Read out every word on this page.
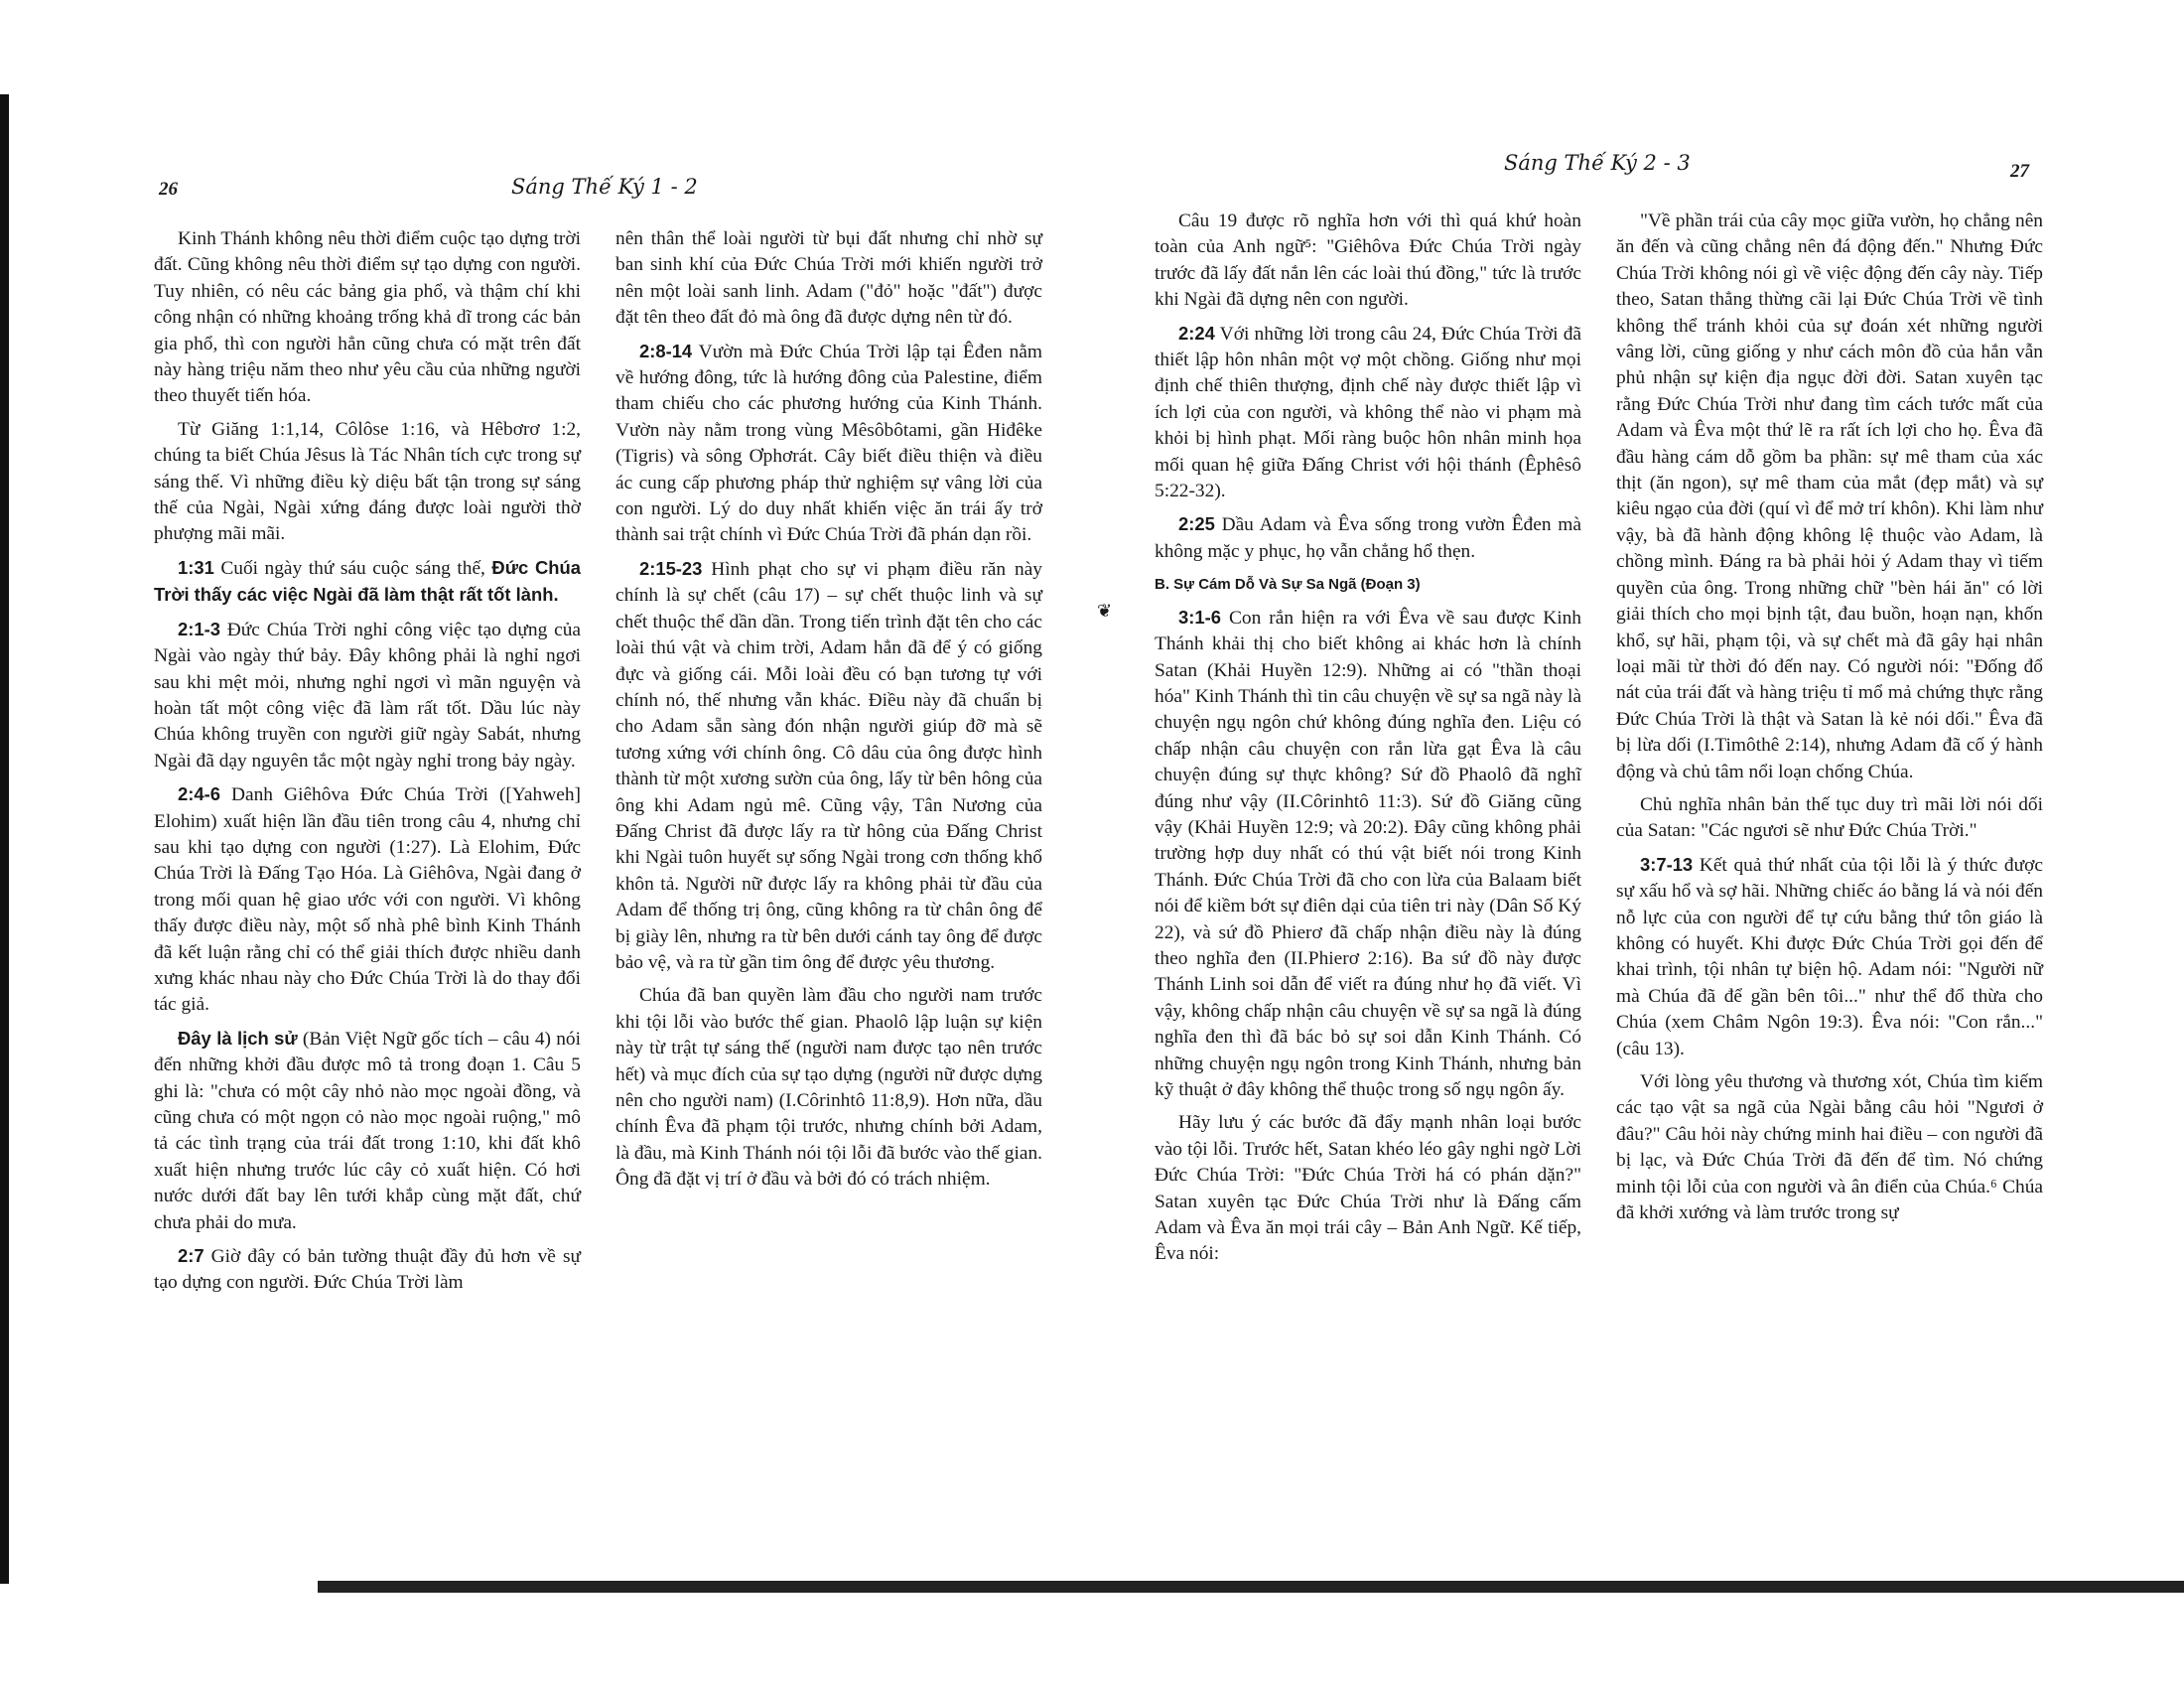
26	Sáng Thế Ký 1 - 2
Sáng Thế Ký 2 - 3	27

Kinh Thánh không nêu thời điểm cuộc tạo dựng trời đất. Cũng không nêu thời điểm sự tạo dựng con người. Tuy nhiên, có nêu các bảng gia phổ, và thậm chí khi công nhận có những khoảng trống khả dĩ trong các bản gia phổ, thì con người hẳn cũng chưa có mặt trên đất này hàng triệu năm theo như yêu cầu của những người theo thuyết tiến hóa.

Từ Giăng 1:1,14, Côlôse 1:16, và Hêbơrơ 1:2, chúng ta biết Chúa Jêsus là Tác Nhân tích cực trong sự sáng thế. Vì những điều kỳ diệu bất tận trong sự sáng thế của Ngài, Ngài xứng đáng được loài người thờ phượng mãi mãi.

1:31 Cuối ngày thứ sáu cuộc sáng thế, Đức Chúa Trời thấy các việc Ngài đã làm thật rất tốt lành.

2:1-3 Đức Chúa Trời nghỉ công việc tạo dựng của Ngài vào ngày thứ bảy. Đây không phải là nghỉ ngơi sau khi mệt mỏi, nhưng nghỉ ngơi vì mãn nguyện và hoàn tất một công việc đã làm rất tốt. Dầu lúc này Chúa không truyền con người giữ ngày Sabát, nhưng Ngài đã dạy nguyên tắc một ngày nghỉ trong bảy ngày.

2:4-6 Danh Giêhôva Đức Chúa Trời ([Yahweh] Elohim) xuất hiện lần đầu tiên trong câu 4, nhưng chỉ sau khi tạo dựng con người (1:27). Là Elohim, Đức Chúa Trời là Đấng Tạo Hóa. Là Giêhôva, Ngài đang ở trong mối quan hệ giao ước với con người. Vì không thấy được điều này, một số nhà phê bình Kinh Thánh đã kết luận rằng chỉ có thể giải thích được nhiều danh xưng khác nhau này cho Đức Chúa Trời là do thay đổi tác giả.

Đây là lịch sử (Bản Việt Ngữ gốc tích – câu 4) nói đến những khởi đầu được mô tả trong đoạn 1. Câu 5 ghi là: "chưa có một cây nhỏ nào mọc ngoài đồng, và cũng chưa có một ngọn cỏ nào mọc ngoài ruộng," mô tả các tình trạng của trái đất trong 1:10, khi đất khô xuất hiện nhưng trước lúc cây cỏ xuất hiện. Có hơi nước dưới đất bay lên tưới khắp cùng mặt đất, chứ chưa phải do mưa.

2:7 Giờ đây có bản tường thuật đầy đủ hơn về sự tạo dựng con người. Đức Chúa Trời làm

nên thân thể loài người từ bụi đất nhưng chỉ nhờ sự ban sinh khí của Đức Chúa Trời mới khiến người trở nên một loài sanh linh. Adam ("đỏ" hoặc "đất") được đặt tên theo đất đỏ mà ông đã được dựng nên từ đó.

2:8-14 Vườn mà Đức Chúa Trời lập tại Êđen nằm về hướng đông, tức là hướng đông của Palestine, điểm tham chiếu cho các phương hướng của Kinh Thánh. Vườn này nằm trong vùng Mêsôbôtami, gần Hiđêke (Tigris) và sông Ơphơrát. Cây biết điều thiện và điều ác cung cấp phương pháp thử nghiệm sự vâng lời của con người. Lý do duy nhất khiến việc ăn trái ấy trở thành sai trật chính vì Đức Chúa Trời đã phán dạn rồi.

2:15-23 Hình phạt cho sự vi phạm điều răn này chính là sự chết (câu 17) – sự chết thuộc linh và sự chết thuộc thể dần dần. Trong tiến trình đặt tên cho các loài thú vật và chim trời, Adam hẳn đã để ý có giống đực và giống cái. Mỗi loài đều có bạn tương tự với chính nó, thế nhưng vẫn khác. Điều này đã chuẩn bị cho Adam sẵn sàng đón nhận người giúp đỡ mà sẽ tương xứng với chính ông. Cô dâu của ông được hình thành từ một xương sườn của ông, lấy từ bên hông của ông khi Adam ngủ mê. Cũng vậy, Tân Nương của Đấng Christ đã được lấy ra từ hông của Đấng Christ khi Ngài tuôn huyết sự sống Ngài trong cơn thống khổ khôn tả. Người nữ được lấy ra không phải từ đầu của Adam để thống trị ông, cũng không ra từ chân ông để bị giày lên, nhưng ra từ bên dưới cánh tay ông để được bảo vệ, và ra từ gần tim ông để được yêu thương.

Chúa đã ban quyền làm đầu cho người nam trước khi tội lỗi vào bước thế gian. Phaolô lập luận sự kiện này từ trật tự sáng thế (người nam được tạo nên trước hết) và mục đích của sự tạo dựng (người nữ được dựng nên cho người nam) (I.Côrinhtô 11:8,9). Hơn nữa, dầu chính Êva đã phạm tội trước, nhưng chính bởi Adam, là đầu, mà Kinh Thánh nói tội lỗi đã bước vào thế gian. Ông đã đặt vị trí ở đầu và bởi đó có trách nhiệm.

Câu 19 được rõ nghĩa hơn với thì quá khứ hoàn toàn của Anh ngữ⁵: "Giêhôva Đức Chúa Trời ngày trước đã lấy đất nắn lên các loài thú đồng," tức là trước khi Ngài đã dựng nên con người.

2:24 Với những lời trong câu 24, Đức Chúa Trời đã thiết lập hôn nhân một vợ một chồng. Giống như mọi định chế thiên thượng, định chế này được thiết lập vì ích lợi của con người, và không thể nào vi phạm mà khỏi bị hình phạt. Mối ràng buộc hôn nhân minh họa mối quan hệ giữa Đấng Christ với hội thánh (Êphêsô 5:22-32).

2:25 Dầu Adam và Êva sống trong vườn Êđen mà không mặc y phục, họ vẫn chẳng hổ thẹn.

B. Sự Cám Dỗ Và Sự Sa Ngã (Đoạn 3)

3:1-6 Con rắn hiện ra với Êva về sau được Kinh Thánh khải thị cho biết không ai khác hơn là chính Satan (Khải Huyền 12:9). Những ai có "thần thoại hóa" Kinh Thánh thì tin câu chuyện về sự sa ngã này là chuyện ngụ ngôn chứ không đúng nghĩa đen. Liệu có chấp nhận câu chuyện con rắn lừa gạt Êva là câu chuyện đúng sự thực không? Sứ đồ Phaolô đã nghĩ đúng như vậy (II.Côrinhtô 11:3). Sứ đồ Giăng cũng vậy (Khải Huyền 12:9; và 20:2). Đây cũng không phải trường hợp duy nhất có thú vật biết nói trong Kinh Thánh. Đức Chúa Trời đã cho con lừa của Balaam biết nói để kiềm bớt sự điên dại của tiên tri này (Dân Số Ký 22), và sứ đồ Phierơ đã chấp nhận điều này là đúng theo nghĩa đen (II.Phierơ 2:16). Ba sứ đồ này được Thánh Linh soi dẫn để viết ra đúng như họ đã viết. Vì vậy, không chấp nhận câu chuyện về sự sa ngã là đúng nghĩa đen thì đã bác bỏ sự soi dẫn Kinh Thánh. Có những chuyện ngụ ngôn trong Kinh Thánh, nhưng bản kỹ thuật ở đây không thể thuộc trong số ngụ ngôn ấy.

Hãy lưu ý các bước đã đẩy mạnh nhân loại bước vào tội lỗi. Trước hết, Satan khéo léo gây nghi ngờ Lời Đức Chúa Trời: "Đức Chúa Trời há có phán dặn?" Satan xuyên tạc Đức Chúa Trời như là Đấng cấm Adam và Êva ăn mọi trái cây – Bản Anh Ngữ. Kế tiếp, Êva nói:

"Về phần trái của cây mọc giữa vườn, họ chẳng nên ăn đến và cũng chẳng nên đá động đến." Nhưng Đức Chúa Trời không nói gì về việc động đến cây này. Tiếp theo, Satan thẳng thừng cãi lại Đức Chúa Trời về tình không thể tránh khỏi của sự đoán xét những người vâng lời, cũng giống y như cách môn đồ của hắn vẫn phủ nhận sự kiện địa ngục đời đời. Satan xuyên tạc rằng Đức Chúa Trời như đang tìm cách tước mất của Adam và Êva một thứ lẽ ra rất ích lợi cho họ. Êva đã đầu hàng cám dỗ gồm ba phần: sự mê tham của xác thịt (ăn ngon), sự mê tham của mắt (đẹp mắt) và sự kiêu ngạo của đời (quí vì để mở trí khôn). Khi làm như vậy, bà đã hành động không lệ thuộc vào Adam, là chồng mình. Đáng ra bà phải hỏi ý Adam thay vì tiếm quyền của ông. Trong những chữ "bèn hái ăn" có lời giải thích cho mọi bịnh tật, đau buồn, hoạn nạn, khốn khổ, sự hãi, phạm tội, và sự chết mà đã gây hại nhân loại mãi từ thời đó đến nay. Có người nói: "Đống đổ nát của trái đất và hàng triệu tỉ mổ mả chứng thực rằng Đức Chúa Trời là thật và Satan là kẻ nói dối." Êva đã bị lừa dối (I.Timôthê 2:14), nhưng Adam đã cố ý hành động và chủ tâm nổi loạn chống Chúa.

Chủ nghĩa nhân bản thế tục duy trì mãi lời nói dối của Satan: "Các ngươi sẽ như Đức Chúa Trời."

3:7-13 Kết quả thứ nhất của tội lỗi là ý thức được sự xấu hổ và sợ hãi. Những chiếc áo bằng lá và nói đến nỗ lực của con người để tự cứu bằng thứ tôn giáo là không có huyết. Khi được Đức Chúa Trời gọi đến để khai trình, tội nhân tự biện hộ. Adam nói: "Người nữ mà Chúa đã để gần bên tôi..." như thể đổ thừa cho Chúa (xem Châm Ngôn 19:3). Êva nói: "Con rắn..." (câu 13).

Với lòng yêu thương và thương xót, Chúa tìm kiếm các tạo vật sa ngã của Ngài bằng câu hỏi "Ngươi ở đâu?" Câu hỏi này chứng minh hai điều – con người đã bị lạc, và Đức Chúa Trời đã đến để tìm. Nó chứng minh tội lỗi của con người và ân điển của Chúa.⁶ Chúa đã khởi xướng và làm trước trong sự

❦
